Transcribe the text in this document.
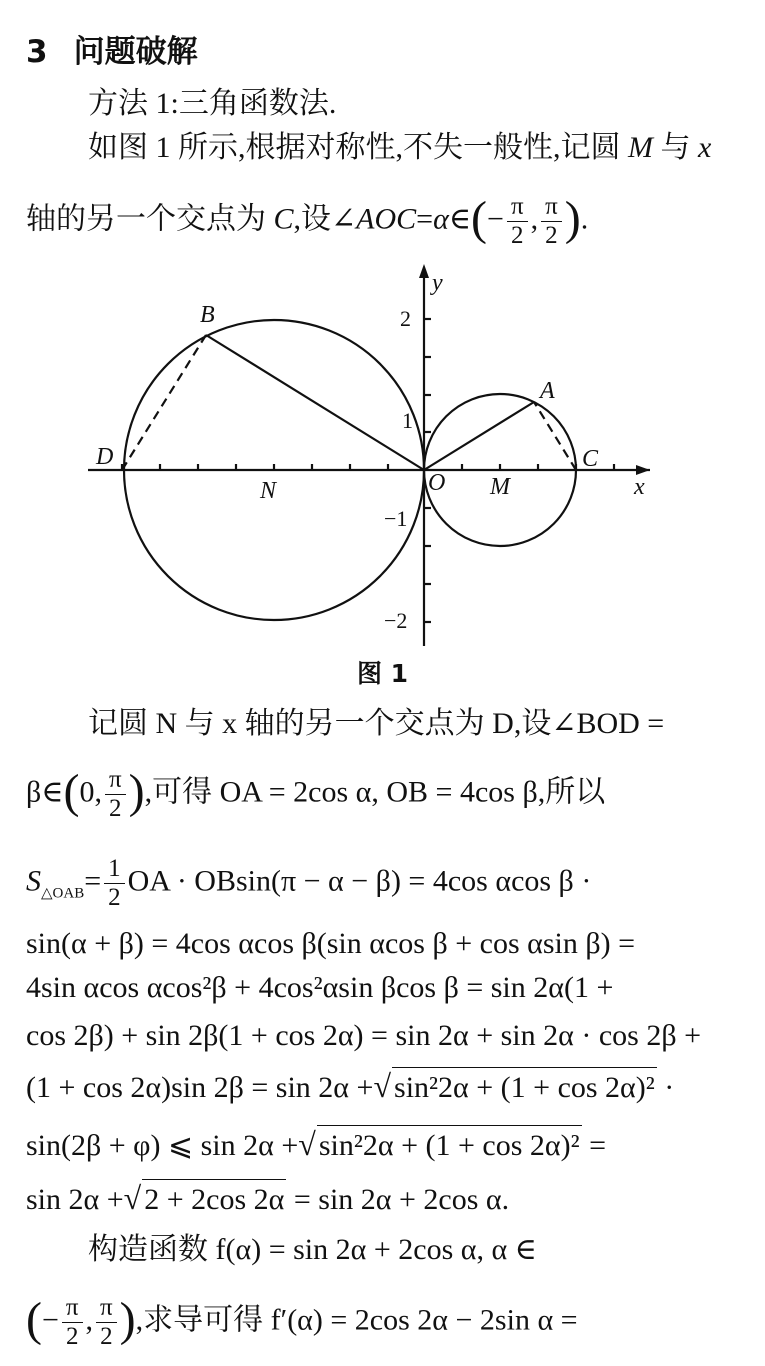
3 问题破解
方法 1:三角函数法.
如图 1 所示,根据对称性,不失一般性,记圆 M 与 x
轴的另一个交点为 C,设∠AOC=α∈(− $\frac{\pi}{2}$ , $\frac{\pi}{2}$ ).
y
x
B
A
D	C
N	O M
2
1
−1
−2
图 1
记圆 N 与 x 轴的另一个交点为 D,设∠BOD =
β∈(0, $\frac{\pi}{2}$ ),可得 OA = 2cos α, OB = 4cos β,所以
$S_{\triangle OAB}= \frac{1}{2}$ OA · OBsin(π − α − β) = 4cos αcos β ·
sin(α + β) = 4cos αcos β(sin αcos β + cos αsin β) =
4sin αcos αcos²β + 4cos²αsin βcos β = sin 2α(1 +
cos 2β) + sin 2β(1 + cos 2α) = sin 2α + sin 2α · cos 2β +
(1 + cos 2α)sin 2β = sin 2α +√ sin²2α + (1 + cos 2α)² ·
sin(2β + φ) ⩽ sin 2α +√ sin²2α + (1 + cos 2α)² =
sin 2α +√ 2 + 2cos 2α = sin 2α + 2cos α.
构造函数 f(α) = sin 2α + 2cos α, α ∈
(− $\frac{\pi}{2}$ , $\frac{\pi}{2}$ ),求导可得 f′(α) = 2cos 2α − 2sin α =
